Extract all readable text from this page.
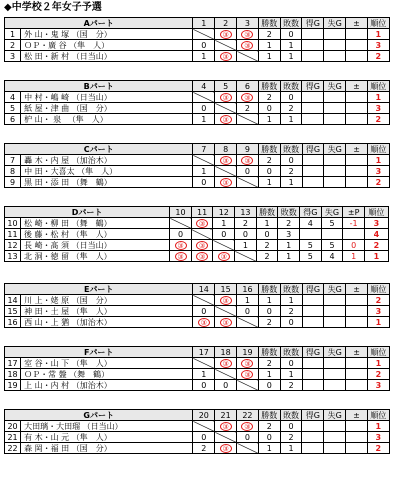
◆中学校２年女子予選
Aパート		1	2	3	勝数	敗数	得G	失G	±	順位
1	外 山・鬼 塚 （国　分）		③	③	2	0				1
2	ＯＰ・廣 谷 （隼　人）	0		③	1	1				3
3	松 田・新 村 （日当山）	1	③		1	1				2
Bパート		4	5	6	勝数	敗数	得G	失G	±	順位
4	中 村・嶋 崎 （日当山）		③	③	2	0				1
5	紙 屋・津 曲 （国　分）	0		2	0	2				3
6	枦 山・ 泉 　（隼　人）	1	③		1	1				2
Cパート		7	8	9	勝数	敗数	得G	失G	±	順位
7	轟 木・内 屋 （加治木）		③	③	2	0				1
8	中 田・大喜太 （隼　人）	1		0	0	2				3
9	黒 田・添 田 （舞　鶴）	0	③		1	1				2
Dパート		10	11	12	13	勝数	敗数	得G	失G	±P	順位
10	松 崎・柳 田 （舞　鶴）		③	1	2	1	2	4	5	-1	3
11	後 藤・松 村 （隼　人）	0		0	0	0	3				4
12	長 崎・髙 須 （日当山）	③	③		1	2	1	5	5	0	2
13	北 洞・徳 留 （隼　人）	③	③	③		2	1	5	4	1	1
Eパート		14	15	16	勝数	敗数	得G	失G	±	順位
14	川 上・姥 原 （国　分）		③	1	1	1				2
15	神 田・土 屋 （隼　人）	0		0	0	2				3
16	西 山・上 猶 （加治木）	③	③		2	0				1
Fパート		17	18	19	勝数	敗数	得G	失G	±	順位
17	室 谷・山 下 （隼　人）		③	③	2	0				1
18	ＯＰ・常 盤 （舞　鶴）	1		③	1	1				2
19	上 山・内 村 （加治木）	0	0		0	2				3
Gパート		20	21	22	勝数	敗数	得G	失G	±	順位
20	大田璃・大田瑠 （日当山）		③	③	2	0				1
21	有 木・山 元 （隼　人）	0		0	0	2				3
22	森 岡・福 田 （国　分）	2	③		1	1				2
